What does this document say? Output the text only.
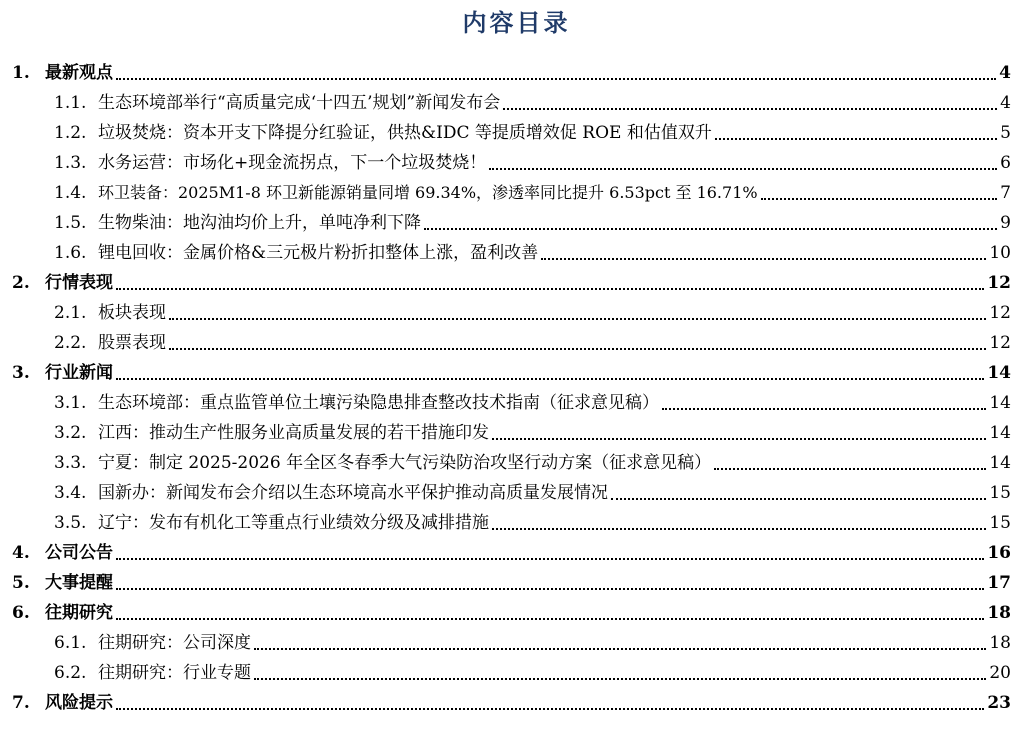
内容目录
1. 最新观点	4
1.1. 生态环境部举行“高质量完成‘十四五’规划”新闻发布会	4
1.2. 垃圾焚烧：资本开支下降提分红验证，供热&IDC 等提质增效促 ROE 和估值双升	5
1.3. 水务运营：市场化+现金流拐点，下一个垃圾焚烧！	6
1.4. 环卫装备：2025M1-8 环卫新能源销量同增 69.34%，渗透率同比提升 6.53pct 至 16.71%	7
1.5. 生物柴油：地沟油均价上升，单吨净利下降	9
1.6. 锂电回收：金属价格&三元极片粉折扣整体上涨，盈利改善	10
2. 行情表现	12
2.1. 板块表现	12
2.2. 股票表现	12
3. 行业新闻	14
3.1. 生态环境部：重点监管单位土壤污染隐患排查整改技术指南（征求意见稿）	14
3.2. 江西：推动生产性服务业高质量发展的若干措施印发	14
3.3. 宁夏：制定 2025-2026 年全区冬春季大气污染防治攻坚行动方案（征求意见稿）	14
3.4. 国新办：新闻发布会介绍以生态环境高水平保护推动高质量发展情况	15
3.5. 辽宁：发布有机化工等重点行业绩效分级及减排措施	15
4. 公司公告	16
5. 大事提醒	17
6. 往期研究	18
6.1. 往期研究：公司深度	18
6.2. 往期研究：行业专题	20
7. 风险提示	23
